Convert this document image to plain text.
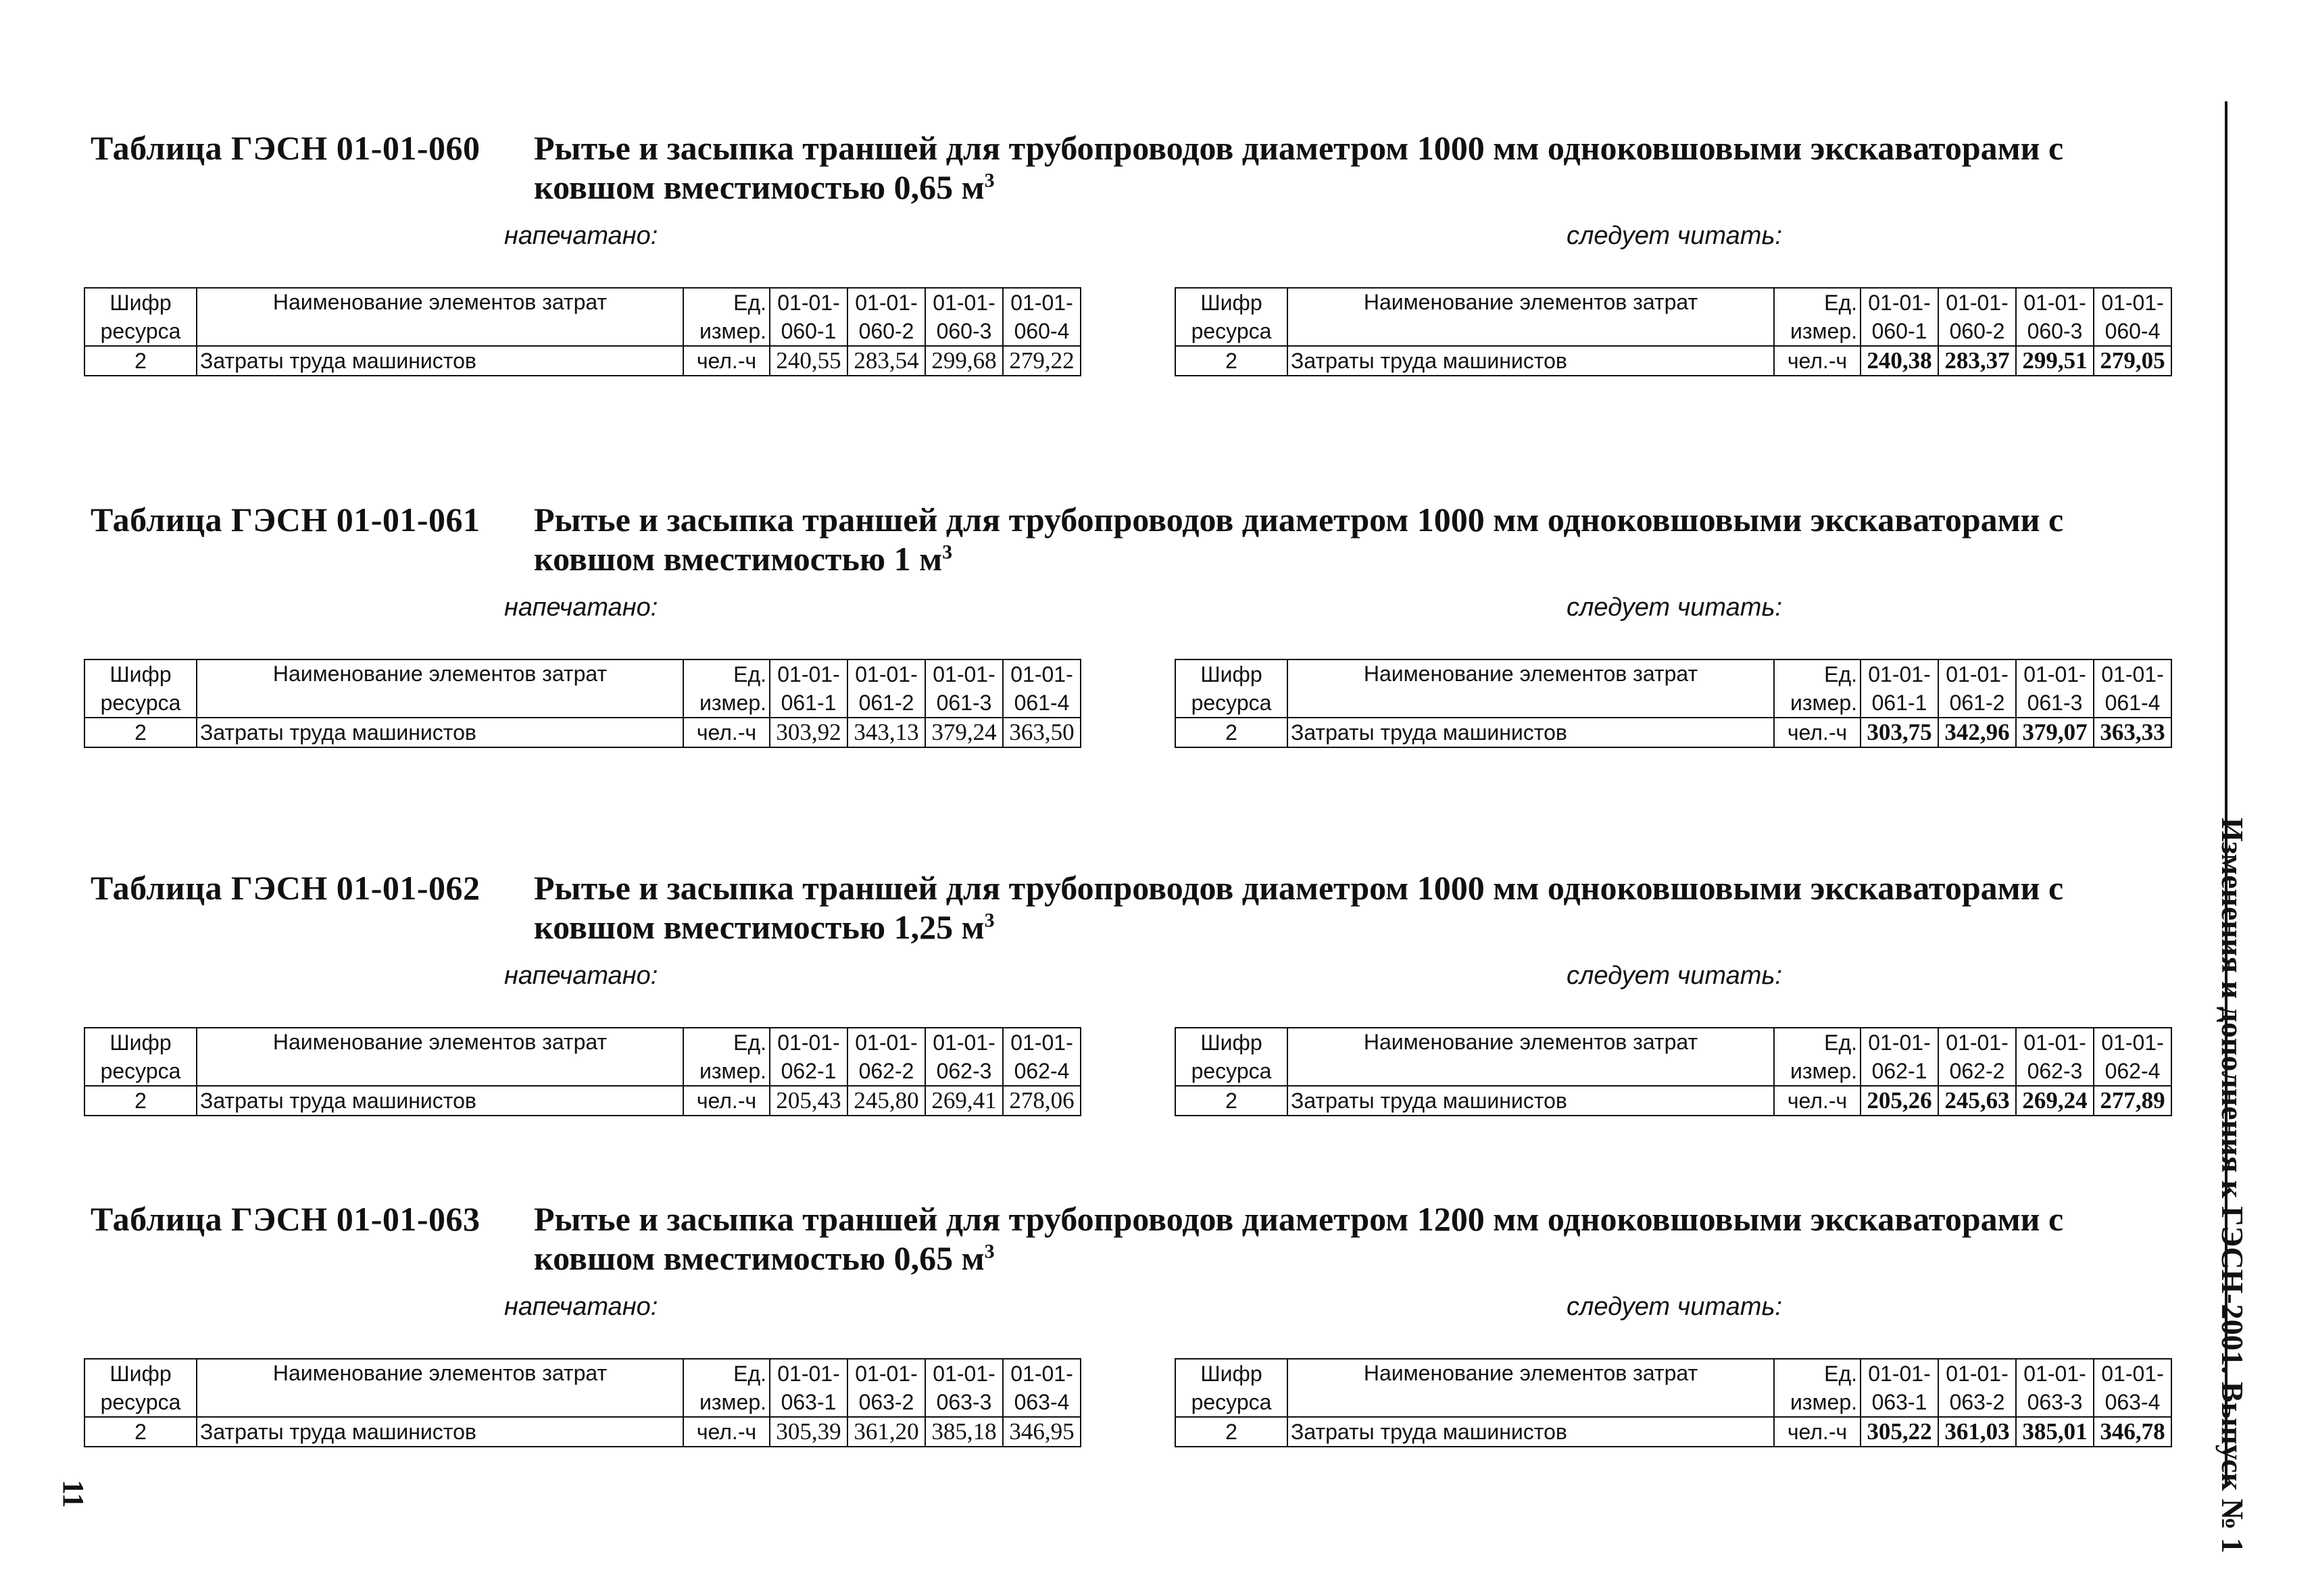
Изменения и дополнения к ГЭСН-2001. Выпуск № 1
11
Таблица ГЭСН 01-01-060 Рытье и засыпка траншей для трубопроводов диаметром 1000 мм одноковшовыми экскаваторами с ковшом вместимостью 0,65 $м^3$
напечатано:	следует читать:
Шифр	Наименование элементов затрат	Ед.	01-01-	01-01-	01-01-	01-01-
ресурса		измер.	060-1	060-2	060-3	060-4
2	Затраты труда машинистов	чел.-ч	240,55	283,54	299,68	279,22
Шифр	Наименование элементов затрат	Ед.	01-01-	01-01-	01-01-	01-01-
ресурса		измер.	060-1	060-2	060-3	060-4
2	Затраты труда машинистов	чел.-ч	240,38	283,37	299,51	279,05
Таблица ГЭСН 01-01-061 Рытье и засыпка траншей для трубопроводов диаметром 1000 мм одноковшовыми экскаваторами с ковшом вместимостью 1 $м^3$
напечатано:	следует читать:
Шифр	Наименование элементов затрат	Ед.	01-01-	01-01-	01-01-	01-01-
ресурса		измер.	061-1	061-2	061-3	061-4
2	Затраты труда машинистов	чел.-ч	303,92	343,13	379,24	363,50
Шифр	Наименование элементов затрат	Ед.	01-01-	01-01-	01-01-	01-01-
ресурса		измер.	061-1	061-2	061-3	061-4
2	Затраты труда машинистов	чел.-ч	303,75	342,96	379,07	363,33
Таблица ГЭСН 01-01-062 Рытье и засыпка траншей для трубопроводов диаметром 1000 мм одноковшовыми экскаваторами с ковшом вместимостью 1,25 $м^3$
напечатано:	следует читать:
Шифр	Наименование элементов затрат	Ед.	01-01-	01-01-	01-01-	01-01-
ресурса		измер.	062-1	062-2	062-3	062-4
2	Затраты труда машинистов	чел.-ч	205,43	245,80	269,41	278,06
Шифр	Наименование элементов затрат	Ед.	01-01-	01-01-	01-01-	01-01-
ресурса		измер.	062-1	062-2	062-3	062-4
2	Затраты труда машинистов	чел.-ч	205,26	245,63	269,24	277,89
Таблица ГЭСН 01-01-063 Рытье и засыпка траншей для трубопроводов диаметром 1200 мм одноковшовыми экскаваторами с ковшом вместимостью 0,65 $м^3$
напечатано:	следует читать:
Шифр	Наименование элементов затрат	Ед.	01-01-	01-01-	01-01-	01-01-
ресурса		измер.	063-1	063-2	063-3	063-4
2	Затраты труда машинистов	чел.-ч	305,39	361,20	385,18	346,95
Шифр	Наименование элементов затрат	Ед.	01-01-	01-01-	01-01-	01-01-
ресурса		измер.	063-1	063-2	063-3	063-4
2	Затраты труда машинистов	чел.-ч	305,22	361,03	385,01	346,78
